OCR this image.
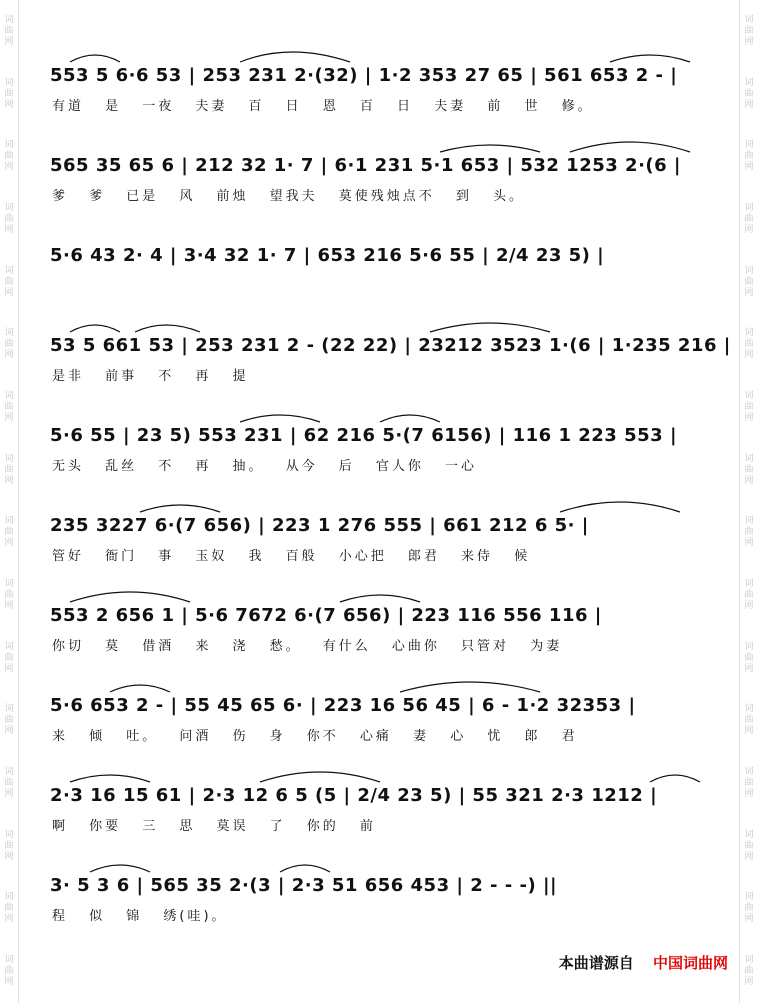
词曲网
词曲网
词曲网
词曲网
词曲网
词曲网
词曲网
词曲网
词曲网
词曲网
词曲网
词曲网
词曲网
词曲网
词曲网
词曲网
词曲网
词曲网
词曲网
词曲网
词曲网
词曲网
词曲网
词曲网
词曲网
词曲网
词曲网
词曲网
词曲网
词曲网
词曲网
词曲网
553 5 6·6 53 | 253 231 2·(32) | 1·2 353 27 65 | 561 653 2 - |
有道 是 一夜 夫妻 百 日 恩 百 日 夫妻 前 世 修。
565 35 65 6 | 212 32 1· 7 | 6·1 231 5·1 653 | 532 1253 2·(6 |
爹 爹 已是 风 前烛 望我夫 莫使残烛点不 到 头。
5·6 43 2· 4 | 3·4 32 1· 7 | 653 216 5·6 55 | 2/4 23 5) |
53 5 661 53 | 253 231 2 - (22 22) | 23212 3523 1·(6 | 1·235 216 |
是非 前事 不 再 提
5·6 55 | 23 5) 553 231 | 62 216 5·(7 6156) | 116 1 223 553 |
无头 乱丝 不 再 抽。 从今 后 官人你 一心
235 3227 6·(7 656) | 223 1 276 555 | 661 212 6 5· |
管好 衙门 事 玉奴 我 百般 小心把 郎君 来侍 候
553 2 656 1 | 5·6 7672 6·(7 656) | 223 116 556 116 |
你切 莫 借酒 来 浇 愁。 有什么 心曲你 只管对 为妻
5·6 653 2 - | 55 45 65 6· | 223 16 56 45 | 6 - 1·2 32353 |
来 倾 吐。 问酒 伤 身 你不 心痛 妻 心 忧 郎 君
2·3 16 15 61 | 2·3 12 6 5 (5 | 2/4 23 5) | 55 321 2·3 1212 |
啊 你要 三 思 莫误 了 你的 前
3· 5 3 6 | 565 35 2·(3 | 2·3 51 656 453 | 2 - - -) ||
程 似 锦 绣(哇)。
本曲谱源自 中国词曲网
